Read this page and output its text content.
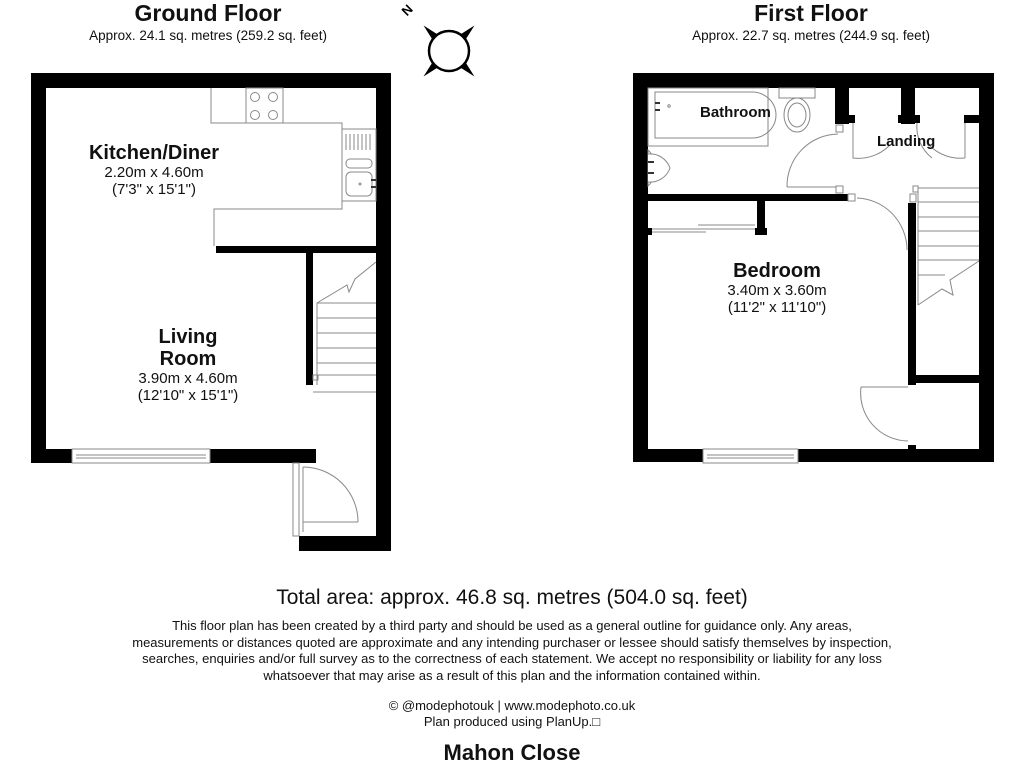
N
Ground Floor
Approx. 24.1 sq. metres (259.2 sq. feet)
First Floor
Approx. 22.7 sq. metres (244.9 sq. feet)
Kitchen/Diner
2.20m x 4.60m
(7'3" x 15'1")
Living
Room
3.90m x 4.60m
(12'10" x 15'1")
Bedroom
3.40m x 3.60m
(11'2" x 11'10")
Bathroom
Landing
Total area: approx. 46.8 sq. metres (504.0 sq. feet)
This floor plan has been created by a third party and should be used as a general outline for guidance only. Any areas, measurements or distances quoted are approximate and any intending purchaser or lessee should satisfy themselves by inspection, searches, enquiries and/or full survey as to the correctness of each statement. We accept no responsibility or liability for any loss whatsoever that may arise as a result of this plan and the information contained within.
© @modephotouk | www.modephoto.co.uk
Plan produced using PlanUp.□
Mahon Close
